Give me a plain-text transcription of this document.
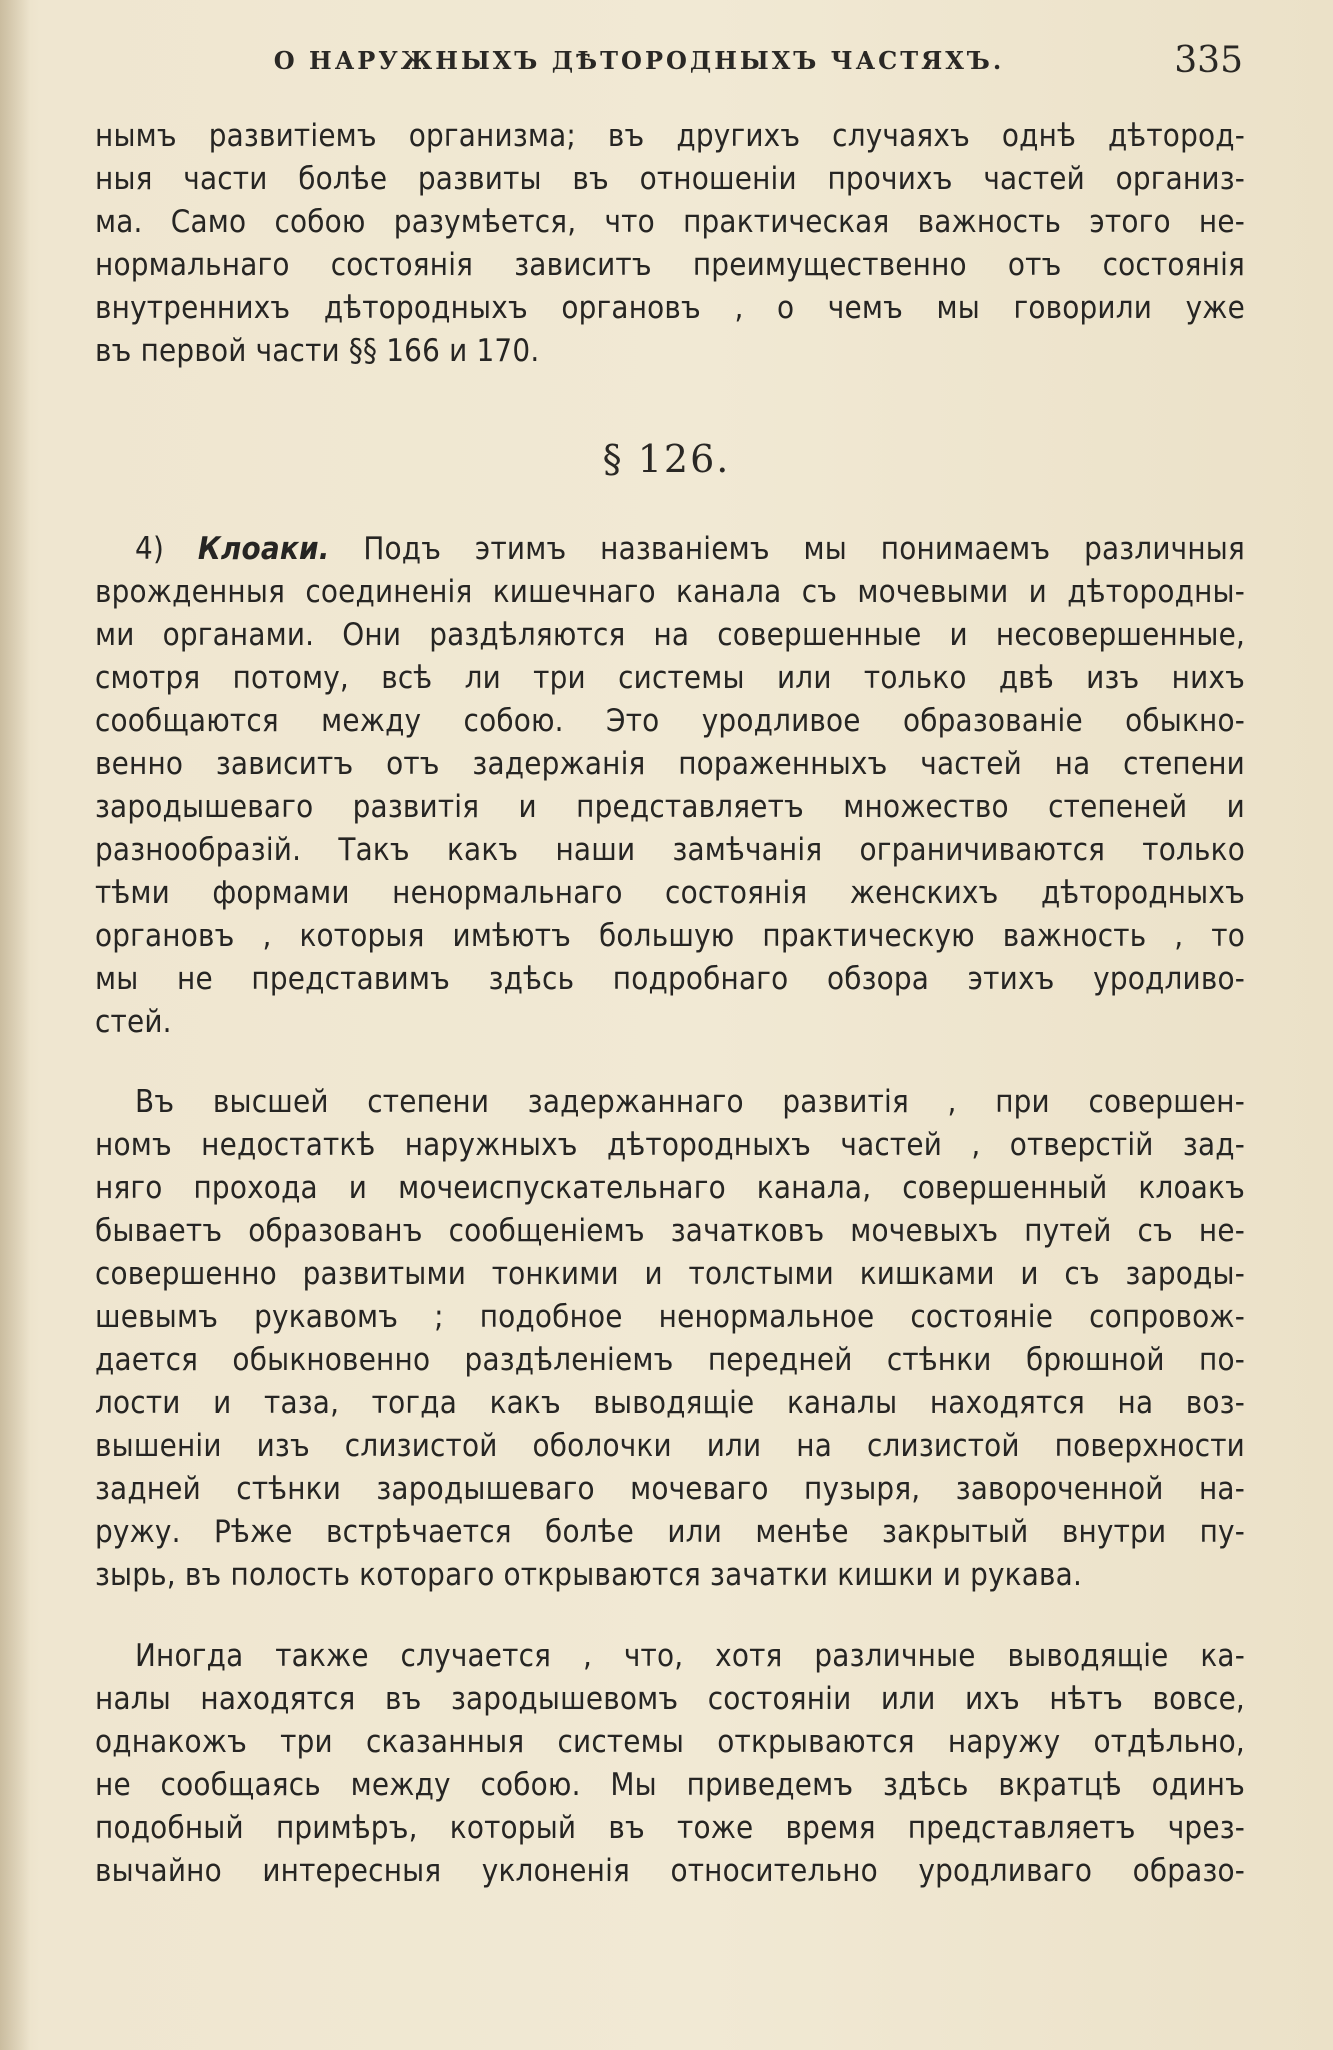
О НАРУЖНЫХЪ ДѢТОРОДНЫХЪ ЧАСТЯХЪ.	335
нымъ развитіемъ организма; въ другихъ случаяхъ однѣ дѣтород-
ныя части болѣе развиты въ отношеніи прочихъ частей организ-
ма. Само собою разумѣется, что практическая важность этого не-
нормальнаго состоянія зависитъ преимущественно отъ состоянія
внутреннихъ дѣтородныхъ органовъ , о чемъ мы говорили уже
въ первой части §§ 166 и 170.
§ 126.
4) Клоаки. Подъ этимъ названіемъ мы понимаемъ различныя
врожденныя соединенія кишечнаго канала съ мочевыми и дѣтородны-
ми органами. Они раздѣляются на совершенные и несовершенные,
смотря потому, всѣ ли три системы или только двѣ изъ нихъ
сообщаются между собою. Это уродливое образованіе обыкно-
венно зависитъ отъ задержанія пораженныхъ частей на степени
зародышеваго развитія и представляетъ множество степеней и
разнообразій. Такъ какъ наши замѣчанія ограничиваются только
тѣми формами ненормальнаго состоянія женскихъ дѣтородныхъ
органовъ , которыя имѣютъ большую практическую важность , то
мы не представимъ здѣсь подробнаго обзора этихъ уродливо-
стей.
Въ высшей степени задержаннаго развитія , при совершен-
номъ недостаткѣ наружныхъ дѣтородныхъ частей , отверстій зад-
няго прохода и мочеиспускательнаго канала, совершенный клоакъ
бываетъ образованъ сообщеніемъ зачатковъ мочевыхъ путей съ не-
совершенно развитыми тонкими и толстыми кишками и съ зароды-
шевымъ рукавомъ ; подобное ненормальное состояніе сопровож-
дается обыкновенно раздѣленіемъ передней стѣнки брюшной по-
лости и таза, тогда какъ выводящіе каналы находятся на воз-
вышеніи изъ слизистой оболочки или на слизистой поверхности
задней стѣнки зародышеваго мочеваго пузыря, завороченной на-
ружу. Рѣже встрѣчается болѣе или менѣе закрытый внутри пу-
зырь, въ полость котораго открываются зачатки кишки и рукава.
Иногда также случается , что, хотя различные выводящіе ка-
налы находятся въ зародышевомъ состояніи или ихъ нѣтъ вовсе,
однакожъ три сказанныя системы открываются наружу отдѣльно,
не сообщаясь между собою. Мы приведемъ здѣсь вкратцѣ одинъ
подобный примѣръ, который въ тоже время представляетъ чрез-
вычайно интересныя уклоненія относительно уродливаго образо-
